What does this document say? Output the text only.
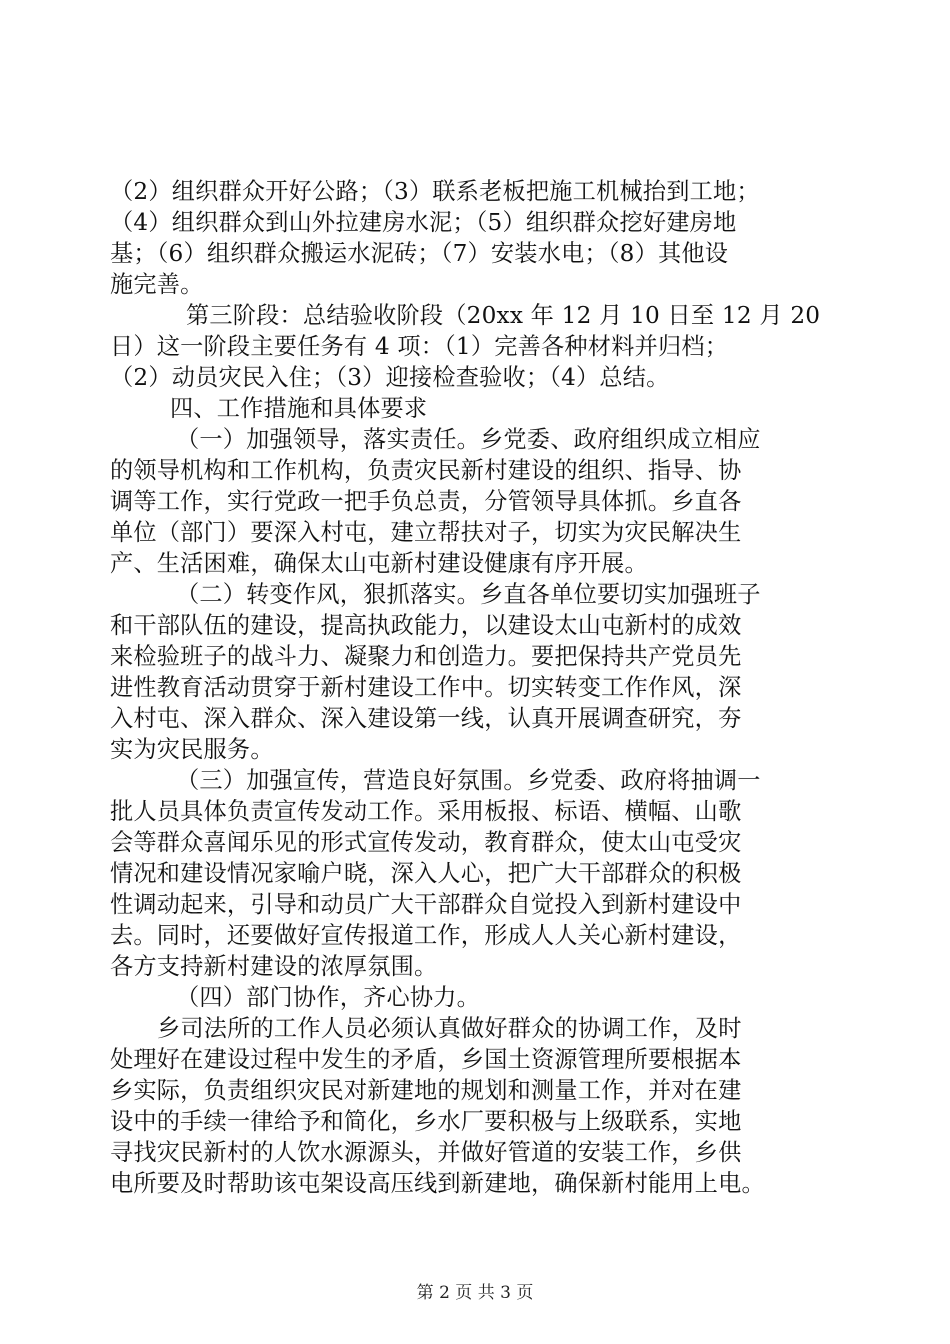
（2）组织群众开好公路；（3）联系老板把施工机械抬到工地；
（4）组织群众到山外拉建房水泥；（5）组织群众挖好建房地
基；（6）组织群众搬运水泥砖；（7）安装水电；（8）其他设
施完善。
第三阶段：总结验收阶段（20xx 年 12 月 10 日至 12 月 20
日）这一阶段主要任务有 4 项：（1）完善各种材料并归档；
（2）动员灾民入住；（3）迎接检查验收；（4）总结。
四、工作措施和具体要求
（一）加强领导，落实责任。乡党委、政府组织成立相应
的领导机构和工作机构，负责灾民新村建设的组织、指导、协
调等工作，实行党政一把手负总责，分管领导具体抓。乡直各
单位（部门）要深入村屯，建立帮扶对子，切实为灾民解决生
产、生活困难，确保太山屯新村建设健康有序开展。
（二）转变作风，狠抓落实。乡直各单位要切实加强班子
和干部队伍的建设，提高执政能力，以建设太山屯新村的成效
来检验班子的战斗力、凝聚力和创造力。要把保持共产党员先
进性教育活动贯穿于新村建设工作中。切实转变工作作风，深
入村屯、深入群众、深入建设第一线，认真开展调查研究，夯
实为灾民服务。
（三）加强宣传，营造良好氛围。乡党委、政府将抽调一
批人员具体负责宣传发动工作。采用板报、标语、横幅、山歌
会等群众喜闻乐见的形式宣传发动，教育群众，使太山屯受灾
情况和建设情况家喻户晓，深入人心，把广大干部群众的积极
性调动起来，引导和动员广大干部群众自觉投入到新村建设中
去。同时，还要做好宣传报道工作，形成人人关心新村建设，
各方支持新村建设的浓厚氛围。
（四）部门协作，齐心协力。
乡司法所的工作人员必须认真做好群众的协调工作，及时
处理好在建设过程中发生的矛盾，乡国土资源管理所要根据本
乡实际，负责组织灾民对新建地的规划和测量工作，并对在建
设中的手续一律给予和简化，乡水厂要积极与上级联系，实地
寻找灾民新村的人饮水源源头，并做好管道的安装工作，乡供
电所要及时帮助该屯架设高压线到新建地，确保新村能用上电。
第 2 页 共 3 页
